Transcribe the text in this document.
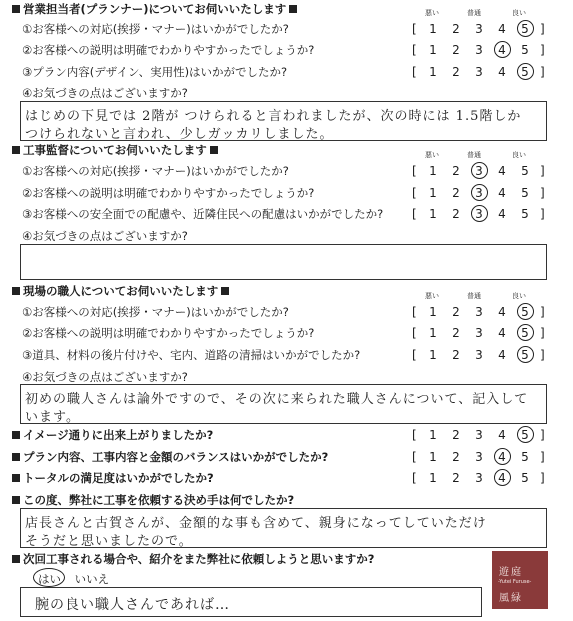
営業担当者(プランナー)についてお伺いいたします	悪い	普通	良い
①お客様への対応(挨拶・マナー)はいかがでしたか?	[ 1 2 3 4 5 ]
②お客様への説明は明確でわかりやすかったでしょうか?	[ 1 2 3 4 5 ]
③プラン内容(デザイン、実用性)はいかがでしたか?	[ 1 2 3 4 5 ]
④お気づきの点はございますか?
はじめの下見では 2階が つけられると言われましたが、次の時には 1.5階しか
つけられないと言われ、少しガッカリしました。
工事監督についてお伺いいたします	悪い	普通	良い
①お客様への対応(挨拶・マナー)はいかがでしたか?	[ 1 2 3 4 5 ]
②お客様への説明は明確でわかりやすかったでしょうか?	[ 1 2 3 4 5 ]
③お客様への安全面での配慮や、近隣住民への配慮はいかがでしたか? [ 1 2 3 4 5 ]
④お気づきの点はございますか?
現場の職人についてお伺いいたします	悪い	普通	良い
①お客様への対応(挨拶・マナー)はいかがでしたか?	[ 1 2 3 4 5 ]
②お客様への説明は明確でわかりやすかったでしょうか?	[ 1 2 3 4 5 ]
③道具、材料の後片付けや、宅内、道路の清掃はいかがでしたか?	[ 1 2 3 4 5 ]
④お気づきの点はございますか?
初めの職人さんは論外ですので、その次に来られた職人さんについて、記入して
います。
イメージ通りに出来上がりましたか?	[ 1 2 3 4 5 ]
プラン内容、工事内容と金額のバランスはいかがでしたか?	[ 1 2 3 4 5 ]
トータルの満足度はいかがでしたか?	[ 1 2 3 4 5 ]
この度、弊社に工事を依頼する決め手は何でしたか?
店長さんと古賀さんが、金額的な事も含めて、親身になってしていただけ
そうだと思いましたので。
次回工事される場合や、紹介をまた弊社に依頼しようと思いますか?
はい いいえ
腕の良い職人さんであれば…
遊庭
-Yutei Furuse-
風緑
